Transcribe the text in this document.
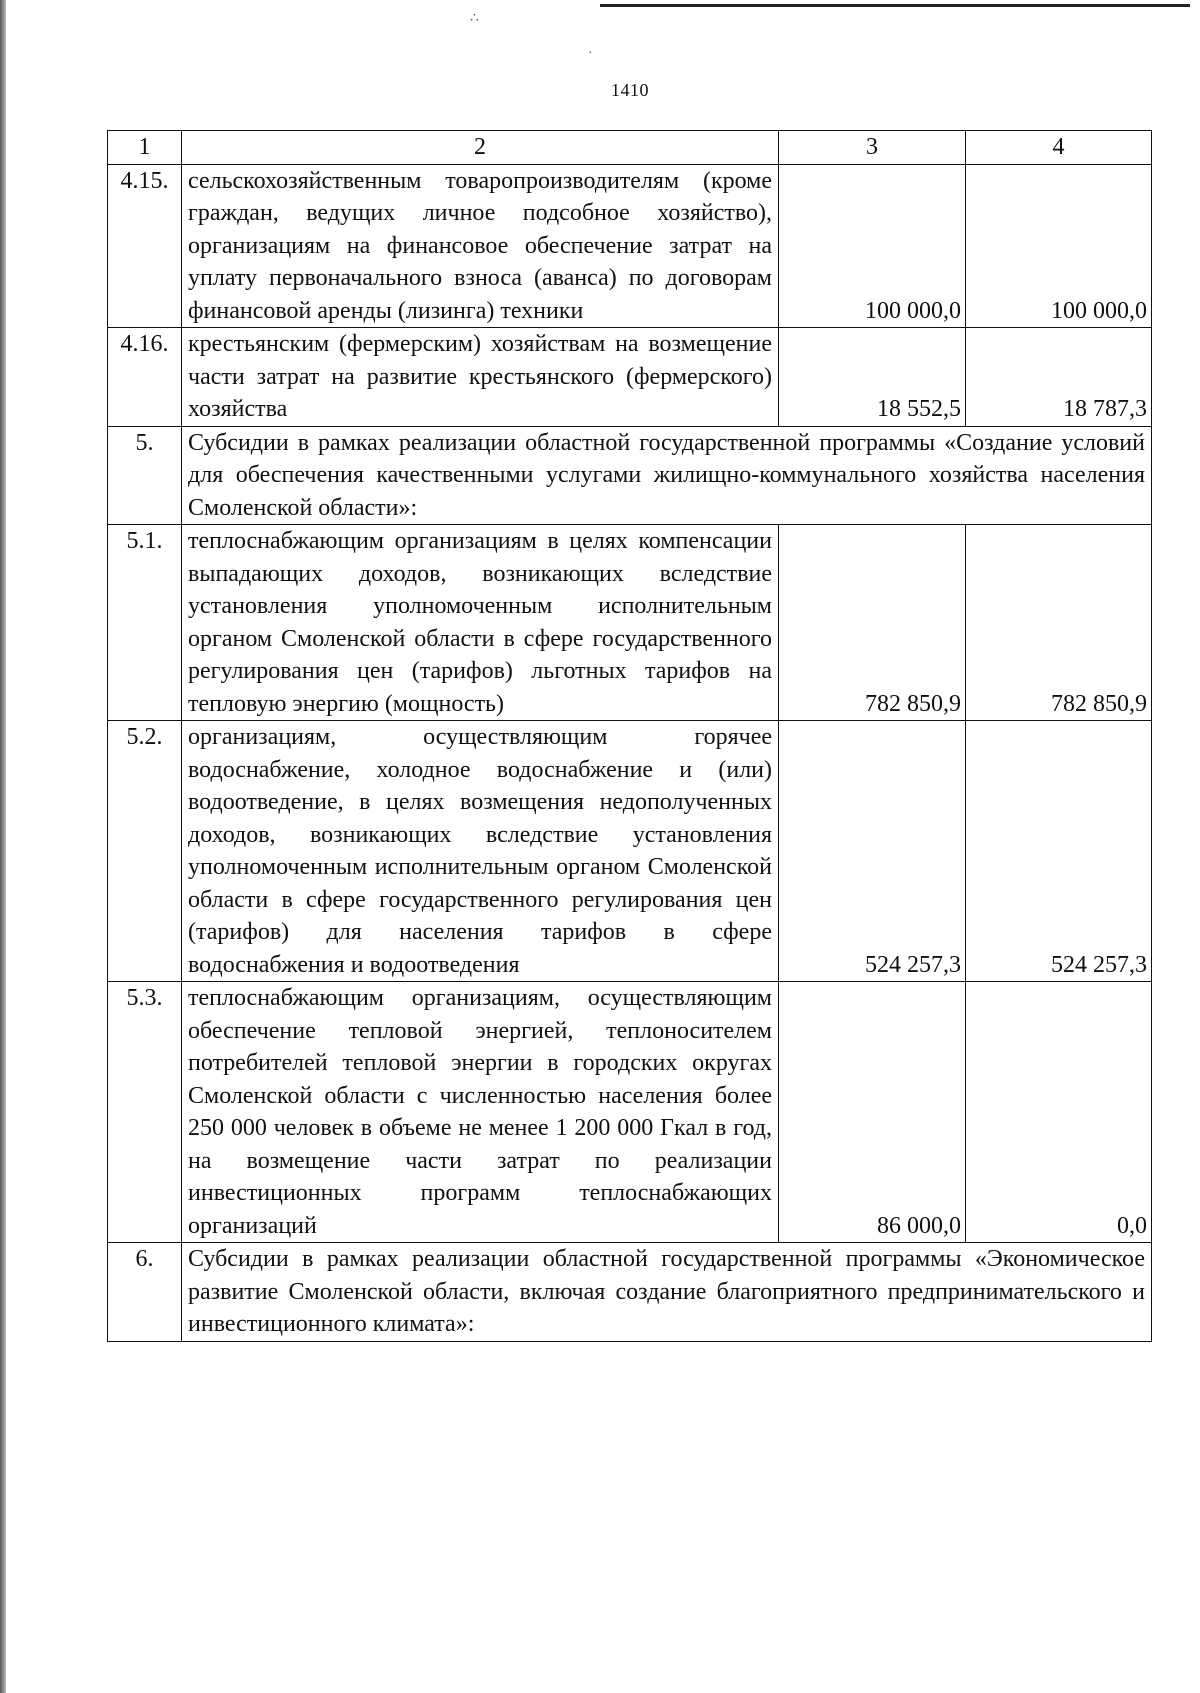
∴
·
1410
1	2	3	4
4.15.	сельскохозяйственным товаропроизводителям (кроме граждан, ведущих личное подсобное хозяйство), организациям на финансовое обеспечение затрат на уплату первоначального взноса (аванса) по договорам финансовой аренды (лизинга) техники	100 000,0	100 000,0
4.16.	крестьянским (фермерским) хозяйствам на возмещение части затрат на развитие крестьянского (фермерского) хозяйства	18 552,5	18 787,3
5.	Субсидии в рамках реализации областной государственной программы «Создание условий для обеспечения качественными услугами жилищно-коммунального хозяйства населения Смоленской области»:		
5.1.	теплоснабжающим организациям в целях компенсации выпадающих доходов, возникающих вследствие установления уполномоченным исполнительным органом Смоленской области в сфере государственного регулирования цен (тарифов) льготных тарифов на тепловую энергию (мощность)	782 850,9	782 850,9
5.2.	организациям, осуществляющим горячее водоснабжение, холодное водоснабжение и (или) водоотведение, в целях возмещения недополученных доходов, возникающих вследствие установления уполномоченным исполнительным органом Смоленской области в сфере государственного регулирования цен (тарифов) для населения тарифов в сфере водоснабжения и водоотведения	524 257,3	524 257,3
5.3.	теплоснабжающим организациям, осуществляющим обеспечение тепловой энергией, теплоносителем потребителей тепловой энергии в городских округах Смоленской области с численностью населения более 250 000 человек в объеме не менее 1 200 000 Гкал в год, на возмещение части затрат по реализации инвестиционных программ теплоснабжающих организаций	86 000,0	0,0
6.	Субсидии в рамках реализации областной государственной программы «Экономическое развитие Смоленской области, включая создание благоприятного предпринимательского и инвестиционного климата»:		
